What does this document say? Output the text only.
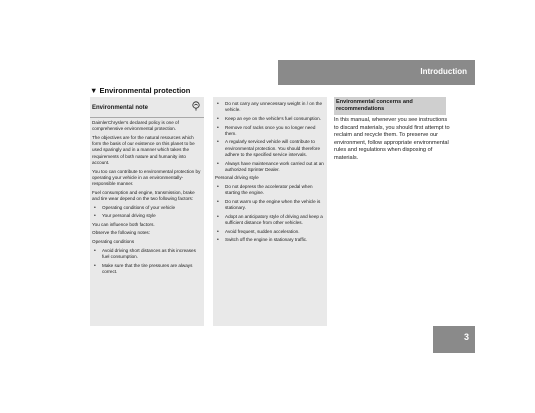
Introduction
▼ Environmental protection
Environmental note

DaimlerChrysler’s declared policy is one of comprehensive environmental protection.

The objectives are for the natural resources which form the basis of our existence on this planet to be used sparingly and in a manner which takes the requirements of both nature and humanity into account.

You too can contribute to environmental protection by operating your vehicle in an environmentally-responsible manner.

Fuel consumption and engine, transmission, brake and tire wear depend on the two following factors:

• Operating conditions of your vehicle

• Your personal driving style

You can influence both factors.

Observe the following notes:

Operating conditions

• Avoid driving short distances as this increases fuel consumption.

• Make sure that the tire pressures are always correct.

• Do not carry any unnecessary weight in / on the vehicle.

• Keep an eye on the vehicle’s fuel consumption.

• Remove roof racks once you no longer need them.

• A regularly serviced vehicle will contribute to environmental protection. You should therefore adhere to the specified service intervals.

• Always have maintenance work carried out at an authorized Sprinter Dealer.

Personal driving style

• Do not depress the accelerator pedal when starting the engine.

• Do not warm up the engine when the vehicle is stationary.

• Adopt an anticipatory style of driving and keep a sufficient distance from other vehicles.

• Avoid frequent, sudden acceleration.

• Switch off the engine in stationary traffic.

Environmental concerns and recommendations
In this manual, whenever you see instructions to discard materials, you should first attempt to reclaim and recycle them. To preserve our environment, follow appropriate environmental rules and regulations when disposing of materials.
3
